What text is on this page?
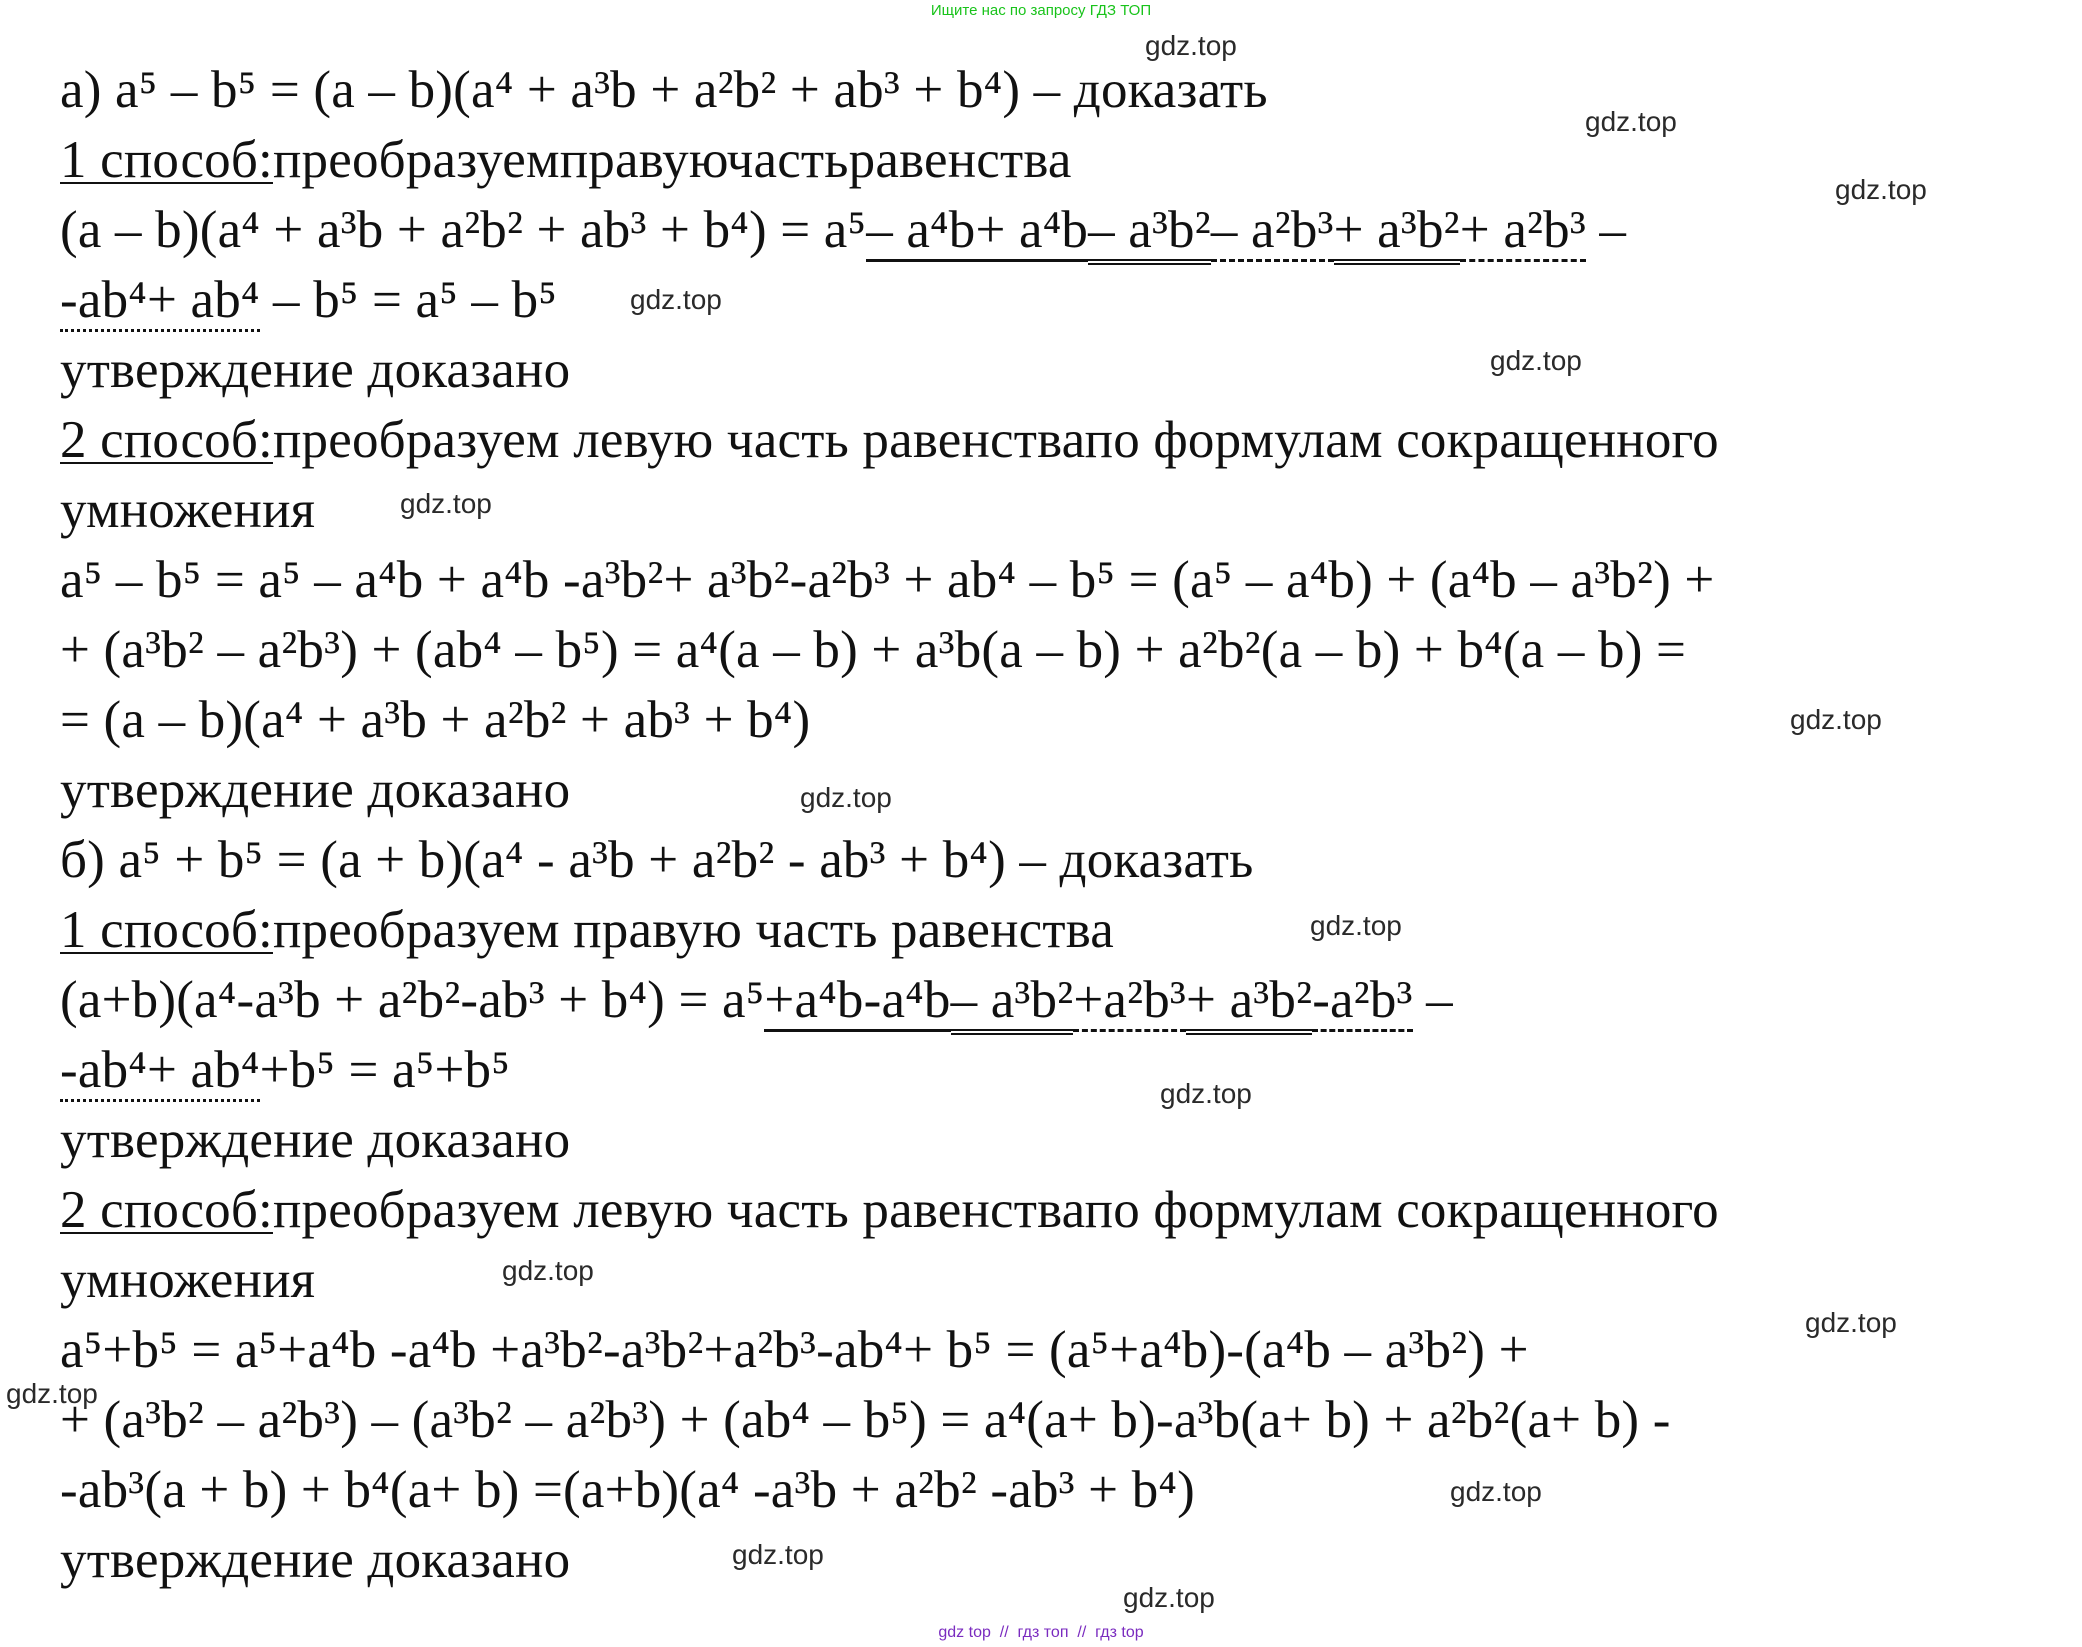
Ищите нас по запросу ГДЗ ТОП
а) a⁵ – b⁵ = (a – b)(a⁴ + a³b + a²b² + ab³ + b⁴) – доказать
1 способ:преобразуемправуючастьравенства
(a – b)(a⁴ + a³b + a²b² + ab³ + b⁴) = a⁵– a⁴b+ a⁴b– a³b²– a²b³+ a³b²+ a²b³ –
-ab⁴+ ab⁴ – b⁵ = a⁵ – b⁵
утверждение доказано
2 способ:преобразуем левую часть равенствапо формулам сокращенного
умножения
a⁵ – b⁵ = a⁵ – a⁴b + a⁴b -a³b²+ a³b²-a²b³ + ab⁴ – b⁵ = (a⁵ – a⁴b) + (a⁴b – a³b²) +
+ (a³b² – a²b³) + (ab⁴ – b⁵) = a⁴(a – b) + a³b(a – b) + a²b²(a – b) + b⁴(a – b) =
= (a – b)(a⁴ + a³b + a²b² + ab³ + b⁴)
утверждение доказано
б) a⁵ + b⁵ = (a + b)(a⁴ - a³b + a²b² - ab³ + b⁴) – доказать
1 способ:преобразуем правую часть равенства
(a+b)(a⁴-a³b + a²b²-ab³ + b⁴) = a⁵+a⁴b-a⁴b– a³b²+a²b³+ a³b²-a²b³ –
-ab⁴+ ab⁴+b⁵ = a⁵+b⁵
утверждение доказано
2 способ:преобразуем левую часть равенствапо формулам сокращенного
умножения
a⁵+b⁵ = a⁵+a⁴b -a⁴b +a³b²-a³b²+a²b³-ab⁴+ b⁵ = (a⁵+a⁴b)-(a⁴b – a³b²) +
+ (a³b² – a²b³) – (a³b² – a²b³) + (ab⁴ – b⁵) = a⁴(a+ b)-a³b(a+ b) + a²b²(a+ b) -
-ab³(a + b) + b⁴(a+ b) =(a+b)(a⁴ -a³b + a²b² -ab³ + b⁴)
утверждение доказано
gdz.top
gdz.top
gdz.top
gdz.top
gdz.top
gdz.top
gdz.top
gdz.top
gdz.top
gdz.top
gdz.top
gdz.top
gdz.top
gdz.top
gdz.top
gdz.top
gdz top  //  гдз топ  //  гдз top
